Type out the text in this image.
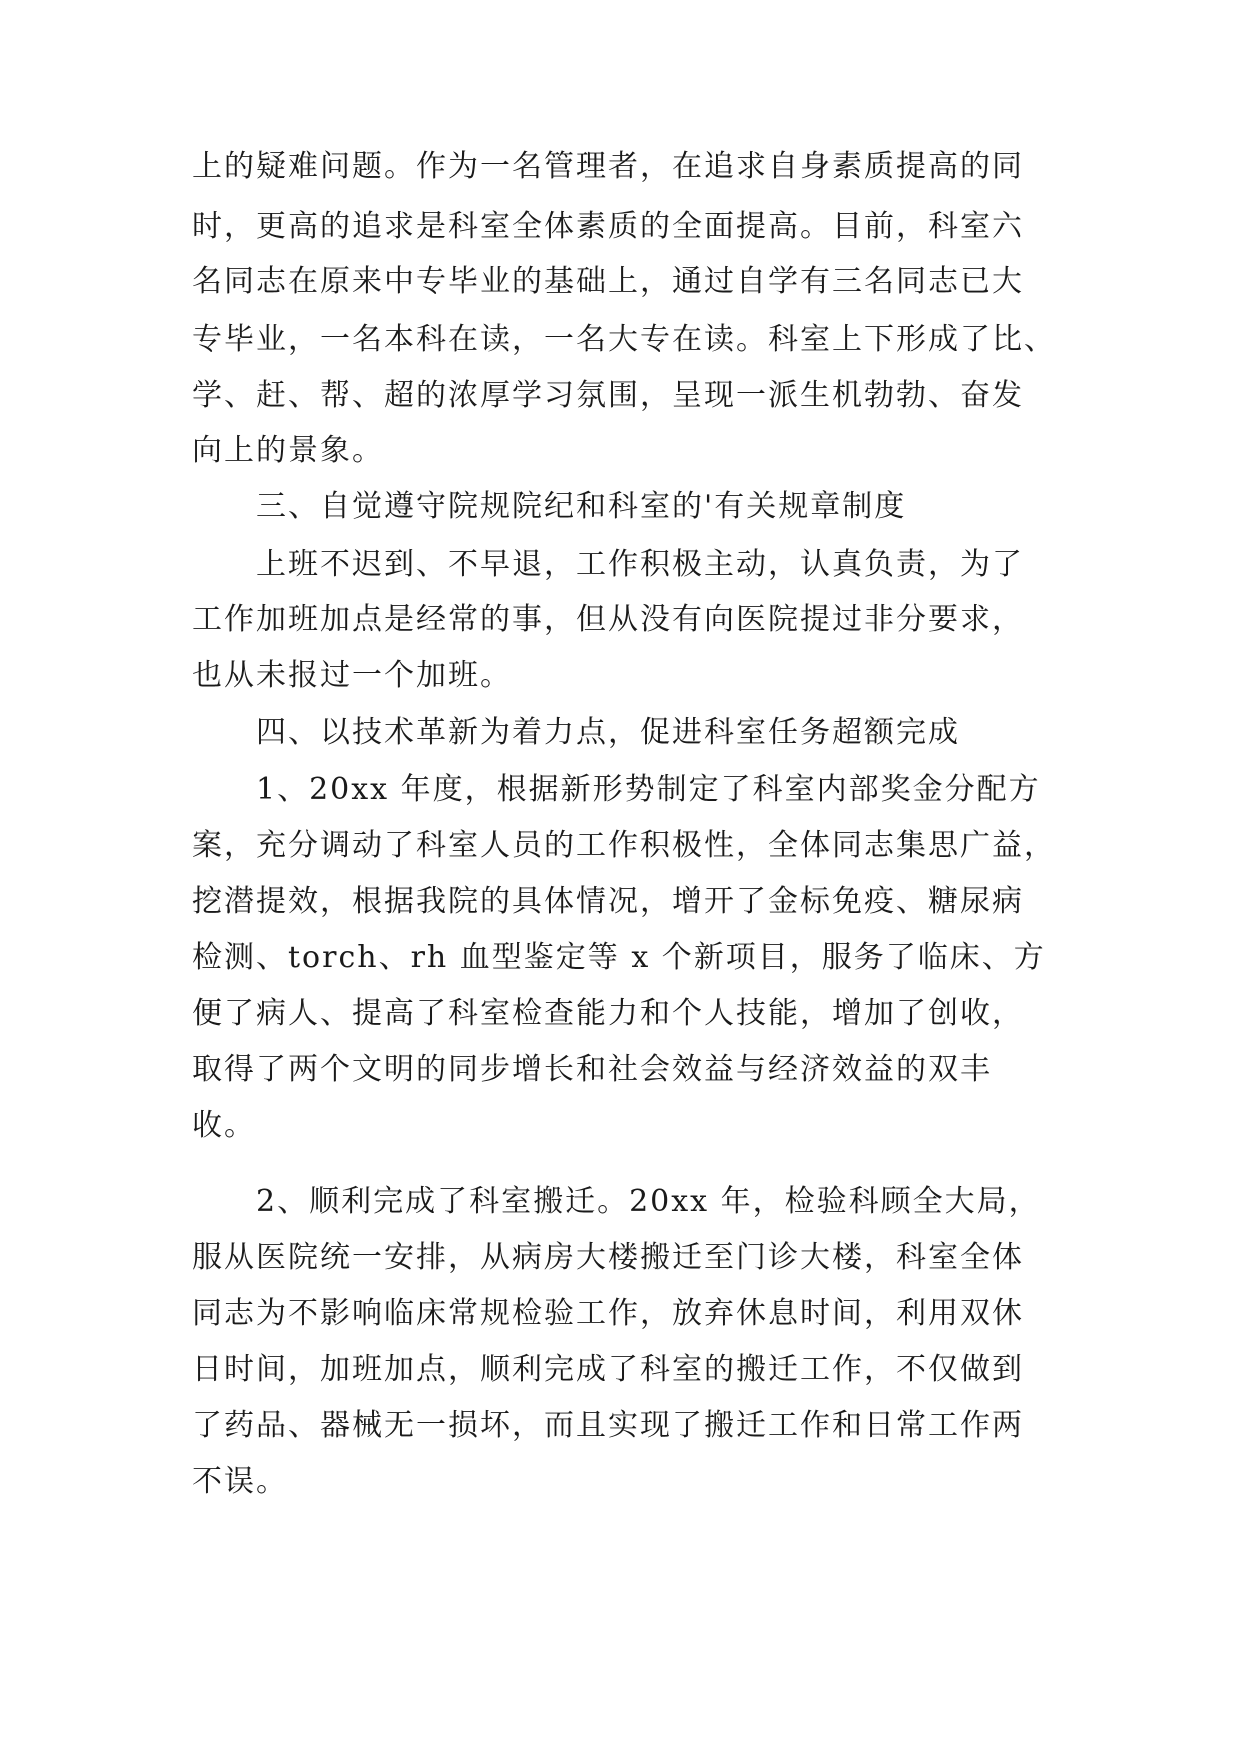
上的疑难问题。作为一名管理者，在追求自身素质提高的同
时，更高的追求是科室全体素质的全面提高。目前，科室六
名同志在原来中专毕业的基础上，通过自学有三名同志已大
专毕业，一名本科在读，一名大专在读。科室上下形成了比、
学、赶、帮、超的浓厚学习氛围，呈现一派生机勃勃、奋发
向上的景象。
三、自觉遵守院规院纪和科室的'有关规章制度
上班不迟到、不早退，工作积极主动，认真负责，为了
工作加班加点是经常的事，但从没有向医院提过非分要求，
也从未报过一个加班。
四、以技术革新为着力点，促进科室任务超额完成
1、20xx 年度，根据新形势制定了科室内部奖金分配方
案，充分调动了科室人员的工作积极性，全体同志集思广益，
挖潜提效，根据我院的具体情况，增开了金标免疫、糖尿病
检测、torch、rh 血型鉴定等 x 个新项目，服务了临床、方
便了病人、提高了科室检查能力和个人技能，增加了创收，
取得了两个文明的同步增长和社会效益与经济效益的双丰
收。
2、顺利完成了科室搬迁。20xx 年，检验科顾全大局，
服从医院统一安排，从病房大楼搬迁至门诊大楼，科室全体
同志为不影响临床常规检验工作，放弃休息时间，利用双休
日时间，加班加点，顺利完成了科室的搬迁工作，不仅做到
了药品、器械无一损坏，而且实现了搬迁工作和日常工作两
不误。
